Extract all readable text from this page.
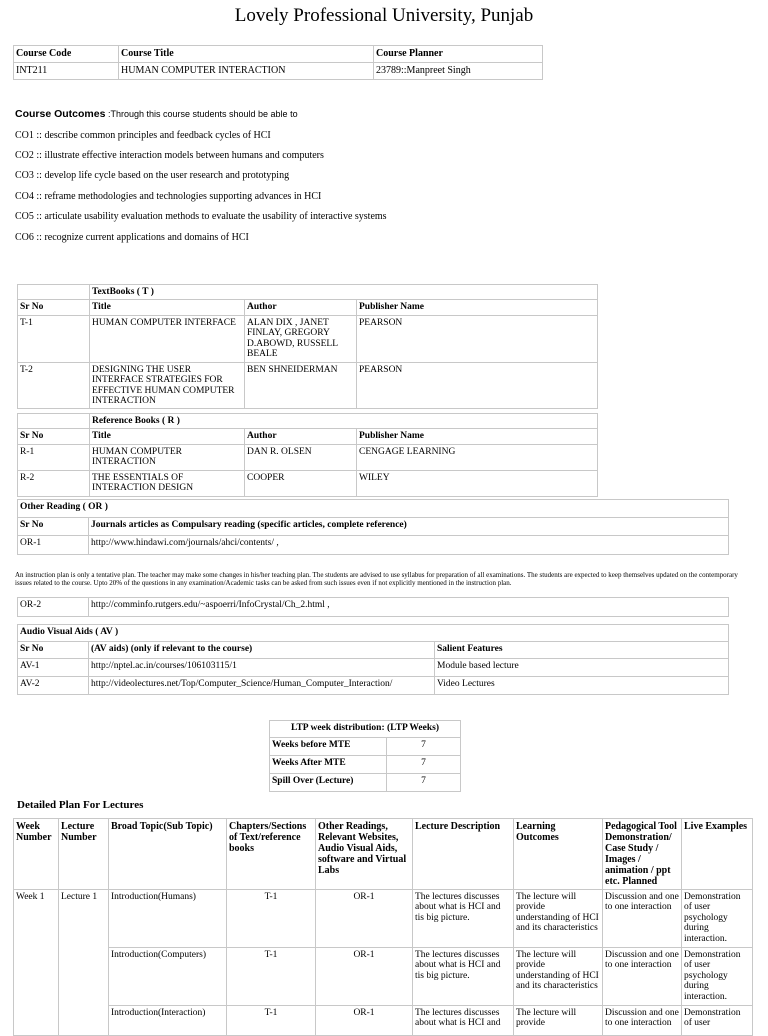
Lovely Professional University, Punjab
Course Code	Course Title	Course Planner
INT211	HUMAN COMPUTER INTERACTION	23789::Manpreet Singh
Course Outcomes :Through this course students should be able to
CO1 :: describe common principles and feedback cycles of HCI
CO2 :: illustrate effective interaction models between humans and computers
CO3 :: develop life cycle based on the user research and prototyping
CO4 :: reframe methodologies and technologies supporting advances in HCI
CO5 :: articulate usability evaluation methods to evaluate the usability of interactive systems
CO6 :: recognize current applications and domains of HCI
	TextBooks ( T )		
Sr No	Title	Author	Publisher Name
T-1	HUMAN COMPUTER INTERFACE	ALAN DIX , JANET FINLAY, GREGORY D.ABOWD, RUSSELL BEALE	PEARSON
T-2	DESIGNING THE USER INTERFACE STRATEGIES FOR EFFECTIVE HUMAN COMPUTER INTERACTION	BEN SHNEIDERMAN	PEARSON
	Reference Books ( R )		
Sr No	Title	Author	Publisher Name
R-1	HUMAN COMPUTER INTERACTION	DAN R. OLSEN	CENGAGE LEARNING
R-2	THE ESSENTIALS OF INTERACTION DESIGN	COOPER	WILEY
Other Reading ( OR )	
Sr No	Journals articles as Compulsary reading (specific articles, complete reference)
OR-1	http://www.hindawi.com/journals/ahci/contents/ ,
An instruction plan is only a tentative plan. The teacher may make some changes in his/her teaching plan. The students are advised to use syllabus for preparation of all examinations. The students are expected to keep themselves updated on the contemporary issues related to the course. Upto 20% of the questions in any examination/Academic tasks can be asked from such issues even if not explicitly mentioned in the instruction plan.
OR-2	http://comminfo.rutgers.edu/~aspoerri/InfoCrystal/Ch_2.html ,
Audio Visual Aids ( AV )		
Sr No	(AV aids) (only if relevant to the course)	Salient Features
AV-1	http://nptel.ac.in/courses/106103115/1	Module based lecture
AV-2	http://videolectures.net/Top/Computer_Science/Human_Computer_Interaction/	Video Lectures
LTP week distribution: (LTP Weeks)	
Weeks before MTE	7
Weeks After MTE	7
Spill Over (Lecture)	7
Detailed Plan For Lectures
Week Number	Lecture Number	Broad Topic(Sub Topic)	Chapters/Sections of Text/reference books	Other Readings, Relevant Websites, Audio Visual Aids, software and Virtual Labs	Lecture Description	Learning Outcomes	Pedagogical Tool Demonstration/ Case Study / Images / animation / ppt etc. Planned	Live Examples
Week 1	Lecture 1	Introduction(Humans)	T-1	OR-1	The lectures discusses about what is HCI and tis big picture.	The lecture will provide understanding of HCI and its characteristics	Discussion and one to one interaction	Demonstration of user psychology during interaction.
		Introduction(Computers)	T-1	OR-1	The lectures discusses about what is HCI and tis big picture.	The lecture will provide understanding of HCI and its characteristics	Discussion and one to one interaction	Demonstration of user psychology during interaction.
		Introduction(Interaction)	T-1	OR-1	The lectures discusses about what is HCI and	The lecture will provide	Discussion and one to one interaction	Demonstration of user
